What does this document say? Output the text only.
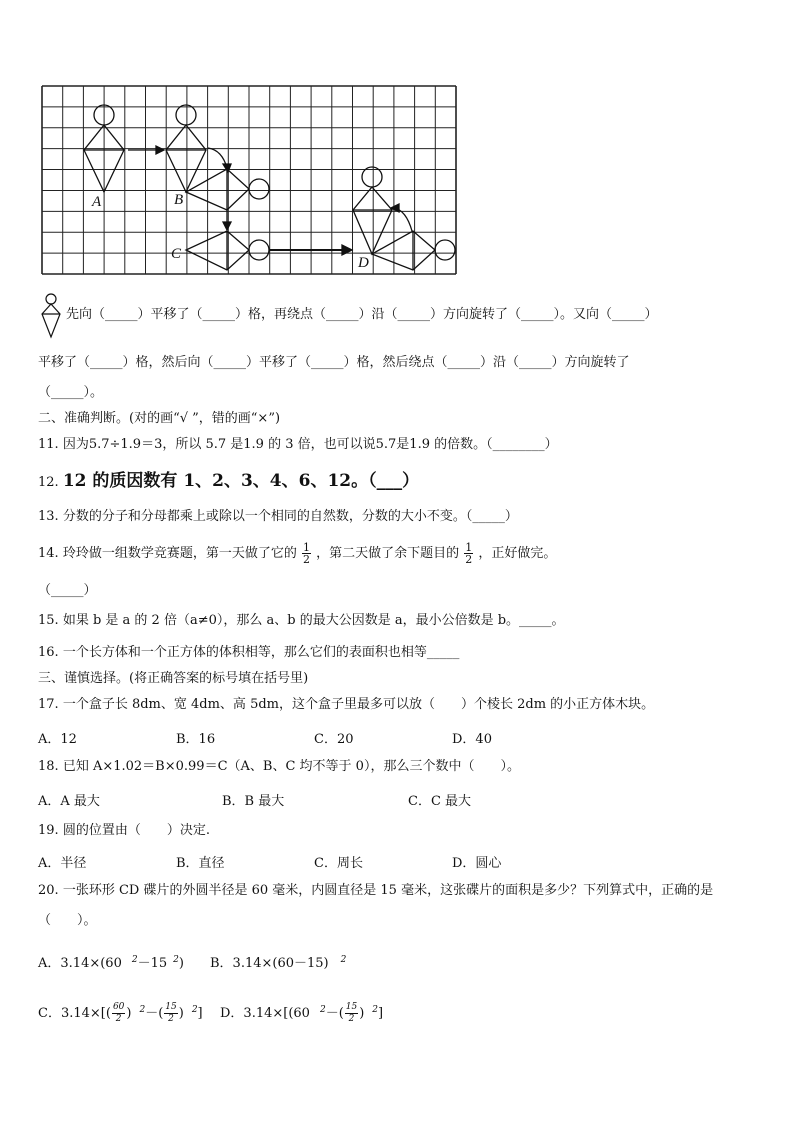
A	B
C
D
先向（_____）平移了（_____）格，再绕点（_____）沿（_____）方向旋转了（_____）。又向（_____）
平移了（_____）格，然后向（_____）平移了（_____）格，然后绕点（_____）沿（_____）方向旋转了
（_____）。
二、准确判断。(对的画“√ ”，错的画“×”)
11. 因为5.7÷1.9＝3，所以 5.7 是1.9 的 3 倍，也可以说5.7是1.9 的倍数。（________）
12. 12 的质因数有 1、2、3、4、6、12。（___）
13. 分数的分子和分母都乘上或除以一个相同的自然数，分数的大小不变。（_____）
14. 玲玲做一组数学竞赛题，第一天做了它的 $\frac{1}{2}$ ，第二天做了余下题目的 $\frac{1}{2}$ ，正好做完。
（_____）
15. 如果 b 是 a 的 2 倍（a≠0），那么 a、b 的最大公因数是 a，最小公倍数是 b。_____。
16. 一个长方体和一个正方体的体积相等，那么它们的表面积也相等_____
三、谨慎选择。(将正确答案的标号填在括号里)
17. 一个盒子长 8dm、宽 4dm、高 5dm，这个盒子里最多可以放（　　）个棱长 2dm 的小正方体木块。
A．12	B．16	C．20	D．40
18. 已知 A×1.02＝B×0.99＝C（A、B、C 均不等于 0），那么三个数中（　　）。
A．A 最大	B．B 最大	C．C 最大
19. 圆的位置由（　　）决定.
A．半径	B．直径	C．周长	D．圆心
20. 一张环形 CD 碟片的外圆半径是 60 毫米，内圆直径是 15 毫米，这张碟片的面积是多少？下列算式中，正确的是
（　　）。
A．3.14×(60 $^2$－15 $^2$) B．3.14×(60－15) $^2$
C．$3.14\times[( \frac{60}{2}$ ) $^2-( \frac{15}{2}$ ) $^2$] D．3.14×[(60 $^2-( \frac{15}{2}$ ) $^2$]
